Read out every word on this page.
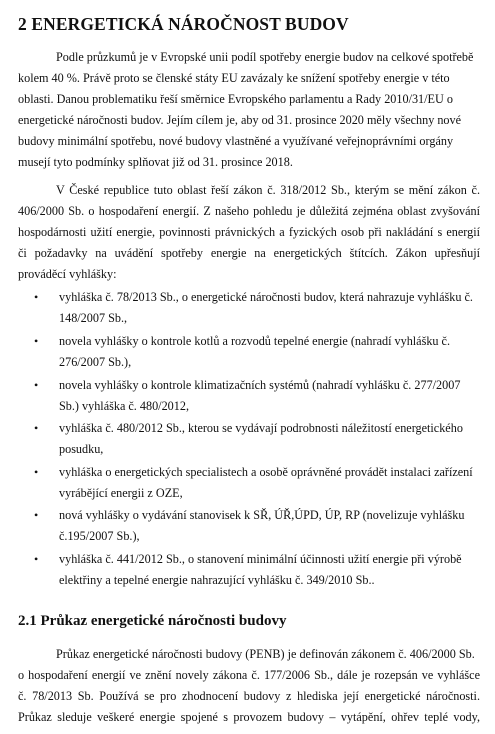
2 ENERGETICKÁ NÁROČNOST BUDOV
Podle průzkumů je v Evropské unii podíl spotřeby energie budov na celkové spotřebě
kolem 40 %. Právě proto se členské státy EU zavázaly ke snížení spotřeby energie v této
oblasti. Danou problematiku řeší směrnice Evropského parlamentu a Rady 2010/31/EU o
energetické náročnosti budov. Jejím cílem je, aby od 31. prosince 2020 měly všechny nové
budovy minimální spotřebu, nové budovy vlastněné a využívané veřejnoprávními orgány
musejí tyto podmínky splňovat již od 31. prosince 2018.
V České republice tuto oblast řeší zákon č. 318/2012 Sb., kterým se mění zákon č.
406/2000 Sb. o hospodaření energií. Z našeho pohledu je důležitá zejména oblast zvyšování
hospodárnosti užití energie, povinnosti právnických a fyzických osob při nakládání s energií
či požadavky na uvádění spotřeby energie na energetických štítcích. Zákon upřesňují
prováděcí vyhlášky:
• vyhláška č. 78/2013 Sb., o energetické náročnosti budov, která nahrazuje vyhlášku č.
148/2007 Sb.,
• novela vyhlášky o kontrole kotlů a rozvodů tepelné energie (nahradí vyhlášku č.
276/2007 Sb.),
• novela vyhlášky o kontrole klimatizačních systémů (nahradí vyhlášku č. 277/2007
Sb.) vyhláška č. 480/2012,
• vyhláška č. 480/2012 Sb., kterou se vydávají podrobnosti náležitostí energetického
posudku,
• vyhláška o energetických specialistech a osobě oprávněné provádět instalaci zařízení
vyrábějící energii z OZE,
• nová vyhlášky o vydávání stanovisek k SŘ, ÚŘ,ÚPD, ÚP, RP (novelizuje vyhlášku
č.195/2007 Sb.),
• vyhláška č. 441/2012 Sb., o stanovení minimální účinnosti užití energie při výrobě
elektřiny a tepelné energie nahrazující vyhlášku č. 349/2010 Sb..
2.1 Průkaz energetické náročnosti budovy
Průkaz energetické náročnosti budovy (PENB) je definován zákonem č. 406/2000 Sb.
o hospodaření energií ve znění novely zákona č. 177/2006 Sb., dále je rozepsán ve vyhlášce
č. 78/2013 Sb. Používá se pro zhodnocení budovy z hlediska její energetické náročnosti.
Průkaz sleduje veškeré energie spojené s provozem budovy – vytápění, ohřev teplé vody,
